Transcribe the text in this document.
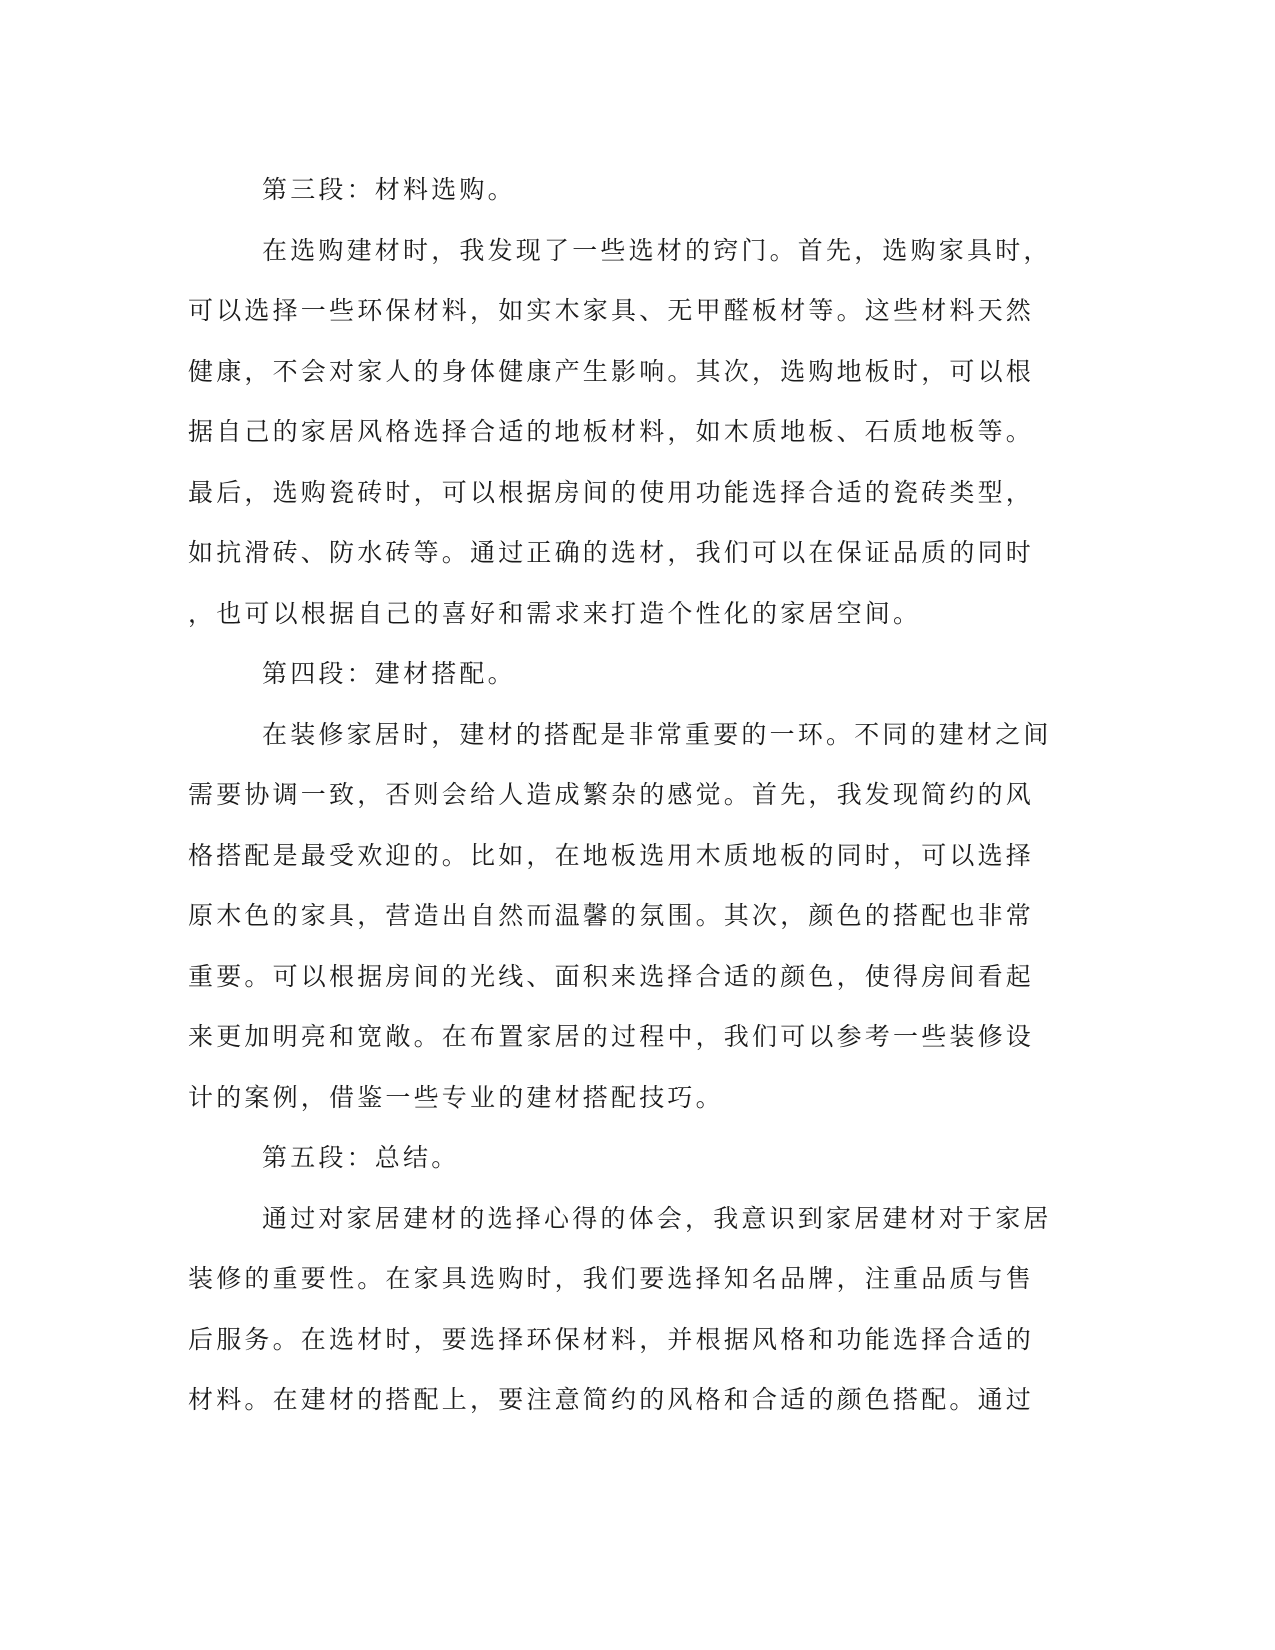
第三段：材料选购。
在选购建材时，我发现了一些选材的窍门。首先，选购家具时，
可以选择一些环保材料，如实木家具、无甲醛板材等。这些材料天然
健康，不会对家人的身体健康产生影响。其次，选购地板时，可以根
据自己的家居风格选择合适的地板材料，如木质地板、石质地板等。
最后，选购瓷砖时，可以根据房间的使用功能选择合适的瓷砖类型，
如抗滑砖、防水砖等。通过正确的选材，我们可以在保证品质的同时
，也可以根据自己的喜好和需求来打造个性化的家居空间。
第四段：建材搭配。
在装修家居时，建材的搭配是非常重要的一环。不同的建材之间
需要协调一致，否则会给人造成繁杂的感觉。首先，我发现简约的风
格搭配是最受欢迎的。比如，在地板选用木质地板的同时，可以选择
原木色的家具，营造出自然而温馨的氛围。其次，颜色的搭配也非常
重要。可以根据房间的光线、面积来选择合适的颜色，使得房间看起
来更加明亮和宽敞。在布置家居的过程中，我们可以参考一些装修设
计的案例，借鉴一些专业的建材搭配技巧。
第五段：总结。
通过对家居建材的选择心得的体会，我意识到家居建材对于家居
装修的重要性。在家具选购时，我们要选择知名品牌，注重品质与售
后服务。在选材时，要选择环保材料，并根据风格和功能选择合适的
材料。在建材的搭配上，要注意简约的风格和合适的颜色搭配。通过
